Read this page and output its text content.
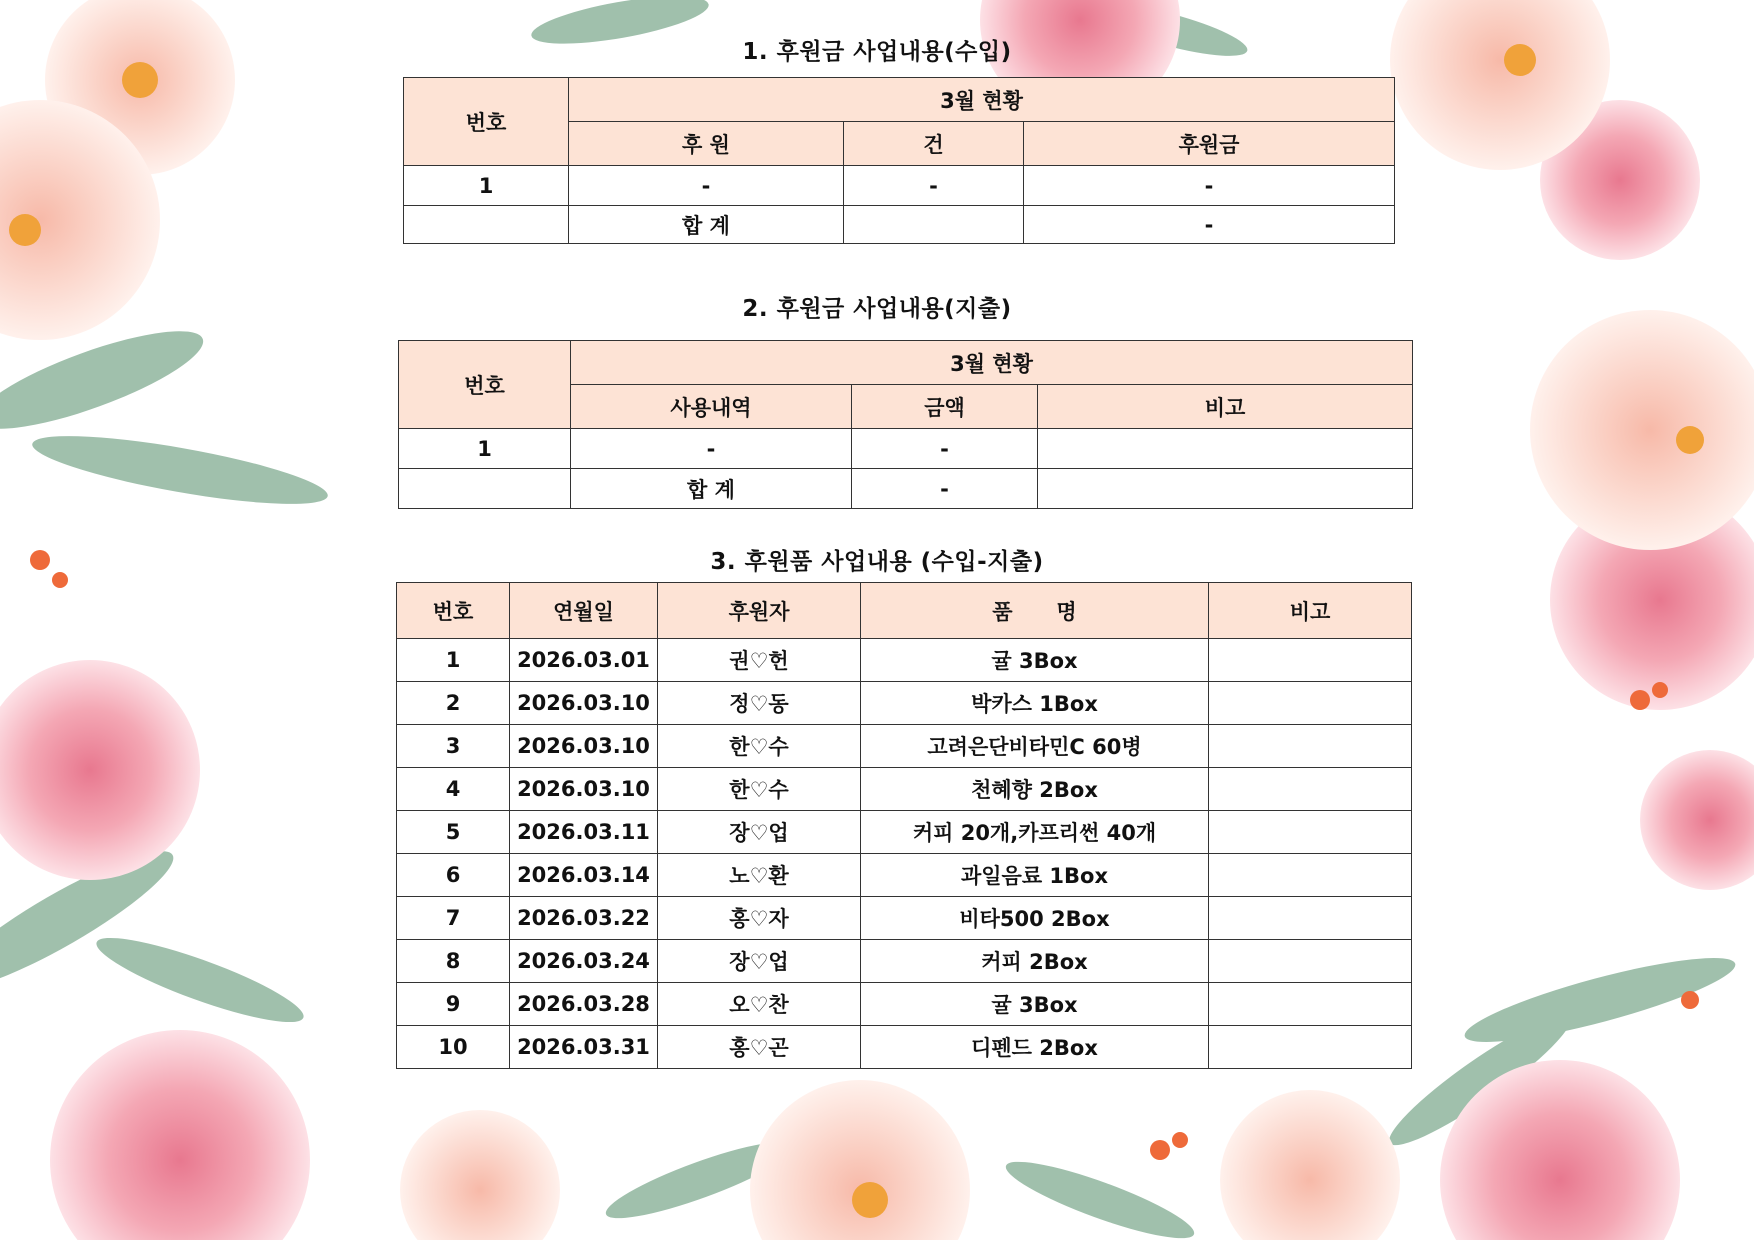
1. 후원금 사업내용(수입)
번호	3월 현황		
	후 원	건	후원금
1	-	-	-
	합 계		-
2. 후원금 사업내용(지출)
번호	3월 현황		
	사용내역	금액	비고
1	-	-	
	합 계	-	
3. 후원품 사업내용 (수입-지출)
번호	연월일	후원자	품      명	비고
1	2026.03.01	권♡헌	귤 3Box	
2	2026.03.10	정♡동	박카스 1Box	
3	2026.03.10	한♡수	고려은단비타민C 60병	
4	2026.03.10	한♡수	천혜향 2Box	
5	2026.03.11	장♡업	커피 20개,카프리썬 40개	
6	2026.03.14	노♡환	과일음료 1Box	
7	2026.03.22	홍♡자	비타500 2Box	
8	2026.03.24	장♡업	커피 2Box	
9	2026.03.28	오♡찬	귤 3Box	
10	2026.03.31	홍♡곤	디펜드 2Box	
